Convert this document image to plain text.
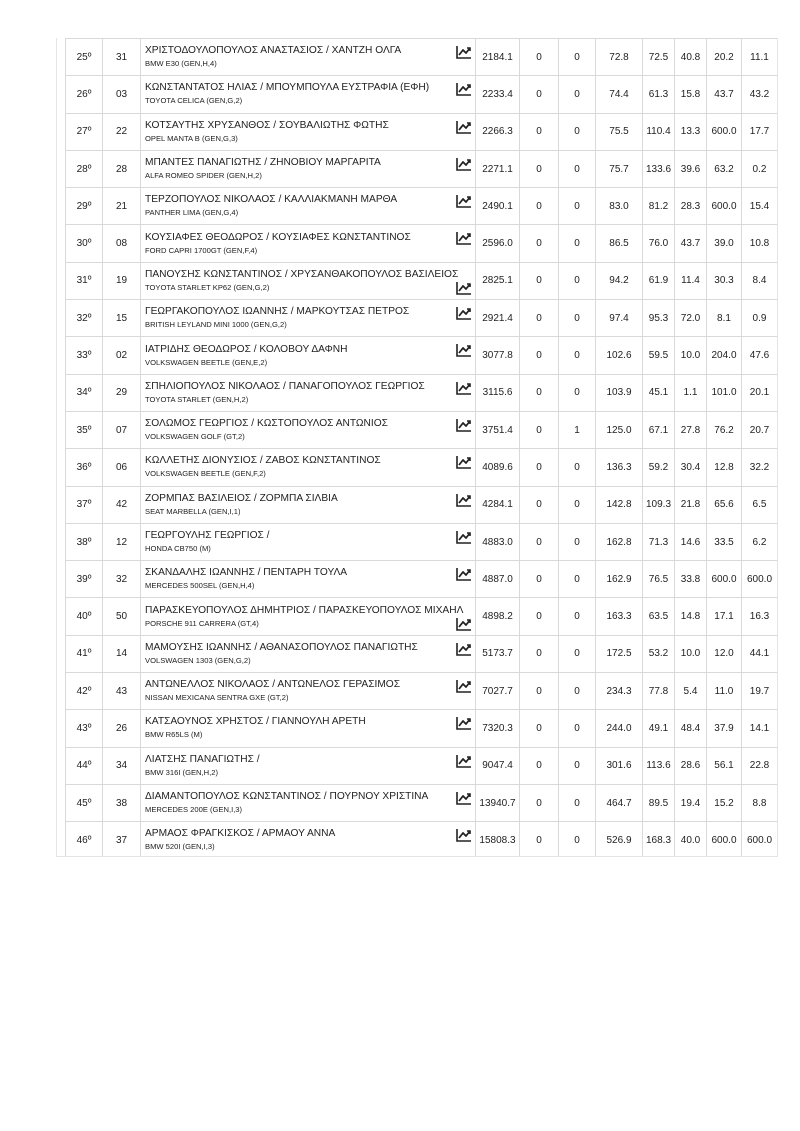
25º	31	ΧΡΙΣΤΟΔΟΥΛΟΠΟΥΛΟΣ ΑΝΑΣΤΑΣΙΟΣ / ΧΑΝΤΖΗ ΟΛΓΑ
BMW E30 (GEN,H,4)	2184.1	0	0	72.8	72.5	40.8	20.2	11.1
26º	03	ΚΩΝΣΤΑΝΤΑΤΟΣ ΗΛΙΑΣ / ΜΠΟΥΜΠΟΥΛΑ ΕΥΣΤΡΑΦΙΑ (ΕΦΗ)
TOYOTA CELICA (GEN,G,2)	2233.4	0	0	74.4	61.3	15.8	43.7	43.2
27º	22	ΚΟΤΣΑΥΤΗΣ ΧΡΥΣΑΝΘΟΣ / ΣΟΥΒΑΛΙΩΤΗΣ ΦΩΤΗΣ
OPEL MANTA B (GEN,G,3)	2266.3	0	0	75.5	110.4	13.3	600.0	17.7
28º	28	ΜΠΑΝΤΕΣ ΠΑΝΑΓΙΩΤΗΣ / ΖΗΝΟΒΙΟΥ ΜΑΡΓΑΡΙΤΑ
ALFA ROMEO SPIDER (GEN,H,2)	2271.1	0	0	75.7	133.6	39.6	63.2	0.2
29º	21	ΤΕΡΖΟΠΟΥΛΟΣ ΝΙΚΟΛΑΟΣ / ΚΑΛΛΙΑΚΜΑΝΗ ΜΑΡΘΑ
PANTHER LIMA (GEN,G,4)	2490.1	0	0	83.0	81.2	28.3	600.0	15.4
30º	08	ΚΟΥΣΙΑΦΕΣ ΘΕΟΔΩΡΟΣ / ΚΟΥΣΙΑΦΕΣ ΚΩΝΣΤΑΝΤΙΝΟΣ
FORD CAPRI 1700GT (GEN,F,4)	2596.0	0	0	86.5	76.0	43.7	39.0	10.8
31º	19	ΠΑΝΟΥΣΗΣ ΚΩΝΣΤΑΝΤΙΝΟΣ / ΧΡΥΣΑΝΘΑΚΟΠΟΥΛΟΣ ΒΑΣΙΛΕΙΟΣ
TOYOTA STARLET KP62 (GEN,G,2)	2825.1	0	0	94.2	61.9	11.4	30.3	8.4
32º	15	ΓΕΩΡΓΑΚΟΠΟΥΛΟΣ ΙΩΑΝΝΗΣ / ΜΑΡΚΟΥΤΣΑΣ ΠΕΤΡΟΣ
BRITISH LEYLAND MINI 1000 (GEN,G,2)	2921.4	0	0	97.4	95.3	72.0	8.1	0.9
33º	02	ΙΑΤΡΙΔΗΣ ΘΕΟΔΩΡΟΣ / ΚΟΛΟΒΟΥ ΔΑΦΝΗ
VOLKSWAGEN BEETLE (GEN,E,2)	3077.8	0	0	102.6	59.5	10.0	204.0	47.6
34º	29	ΣΠΗΛΙΟΠΟΥΛΟΣ ΝΙΚΟΛΑΟΣ / ΠΑΝΑΓΟΠΟΥΛΟΣ ΓΕΩΡΓΙΟΣ
TOYOTA STARLET (GEN,H,2)	3115.6	0	0	103.9	45.1	1.1	101.0	20.1
35º	07	ΣΟΛΩΜΟΣ ΓΕΩΡΓΙΟΣ / ΚΩΣΤΟΠΟΥΛΟΣ ΑΝΤΩΝΙΟΣ
VOLKSWAGEN GOLF (GT,2)	3751.4	0	1	125.0	67.1	27.8	76.2	20.7
36º	06	ΚΩΛΛΕΤΗΣ ΔΙΟΝΥΣΙΟΣ / ΖΑΒΟΣ ΚΩΝΣΤΑΝΤΙΝΟΣ
VOLKSWAGEN BEETLE (GEN,F,2)	4089.6	0	0	136.3	59.2	30.4	12.8	32.2
37º	42	ΖΟΡΜΠΑΣ ΒΑΣΙΛΕΙΟΣ / ΖΟΡΜΠΑ ΣΙΛΒΙΑ
SEAT MARBELLA (GEN,I,1)	4284.1	0	0	142.8	109.3	21.8	65.6	6.5
38º	12	ΓΕΩΡΓΟΥΛΗΣ ΓΕΩΡΓΙΟΣ /
HONDA CB750 (M)	4883.0	0	0	162.8	71.3	14.6	33.5	6.2
39º	32	ΣΚΑΝΔΑΛΗΣ ΙΩΑΝΝΗΣ / ΠΕΝΤΑΡΗ ΤΟΥΛΑ
MERCEDES 500SEL (GEN,H,4)	4887.0	0	0	162.9	76.5	33.8	600.0	600.0
40º	50	ΠΑΡΑΣΚΕΥΟΠΟΥΛΟΣ ΔΗΜΗΤΡΙΟΣ / ΠΑΡΑΣΚΕΥΟΠΟΥΛΟΣ ΜΙΧΑΗΛ
PORSCHE 911 CARRERA (GT,4)	4898.2	0	0	163.3	63.5	14.8	17.1	16.3
41º	14	ΜΑΜΟΥΣΗΣ ΙΩΑΝΝΗΣ / ΑΘΑΝΑΣΟΠΟΥΛΟΣ ΠΑΝΑΓΙΩΤΗΣ
VOLSWAGEN 1303 (GEN,G,2)	5173.7	0	0	172.5	53.2	10.0	12.0	44.1
42º	43	ΑΝΤΩΝΕΛΛΟΣ ΝΙΚΟΛΑΟΣ / ΑΝΤΩΝΕΛΟΣ ΓΕΡΑΣΙΜΟΣ
NISSAN MEXICANA SENTRA GXE (GT,2)	7027.7	0	0	234.3	77.8	5.4	11.0	19.7
43º	26	ΚΑΤΣΑΟΥΝΟΣ ΧΡΗΣΤΟΣ / ΓΙΑΝΝΟΥΛΗ ΑΡΕΤΗ
BMW R65LS (M)	7320.3	0	0	244.0	49.1	48.4	37.9	14.1
44º	34	ΛΙΑΤΣΗΣ ΠΑΝΑΓΙΩΤΗΣ /
BMW 316I (GEN,H,2)	9047.4	0	0	301.6	113.6	28.6	56.1	22.8
45º	38	ΔΙΑΜΑΝΤΟΠΟΥΛΟΣ ΚΩΝΣΤΑΝΤΙΝΟΣ / ΠΟΥΡΝΟΥ ΧΡΙΣΤΙΝΑ
MERCEDES 200E (GEN,I,3)	13940.7	0	0	464.7	89.5	19.4	15.2	8.8
46º	37	ΑΡΜΑΟΣ ΦΡΑΓΚΙΣΚΟΣ / ΑΡΜΑΟΥ ΑΝΝΑ
BMW 520I (GEN,I,3)	15808.3	0	0	526.9	168.3	40.0	600.0	600.0
